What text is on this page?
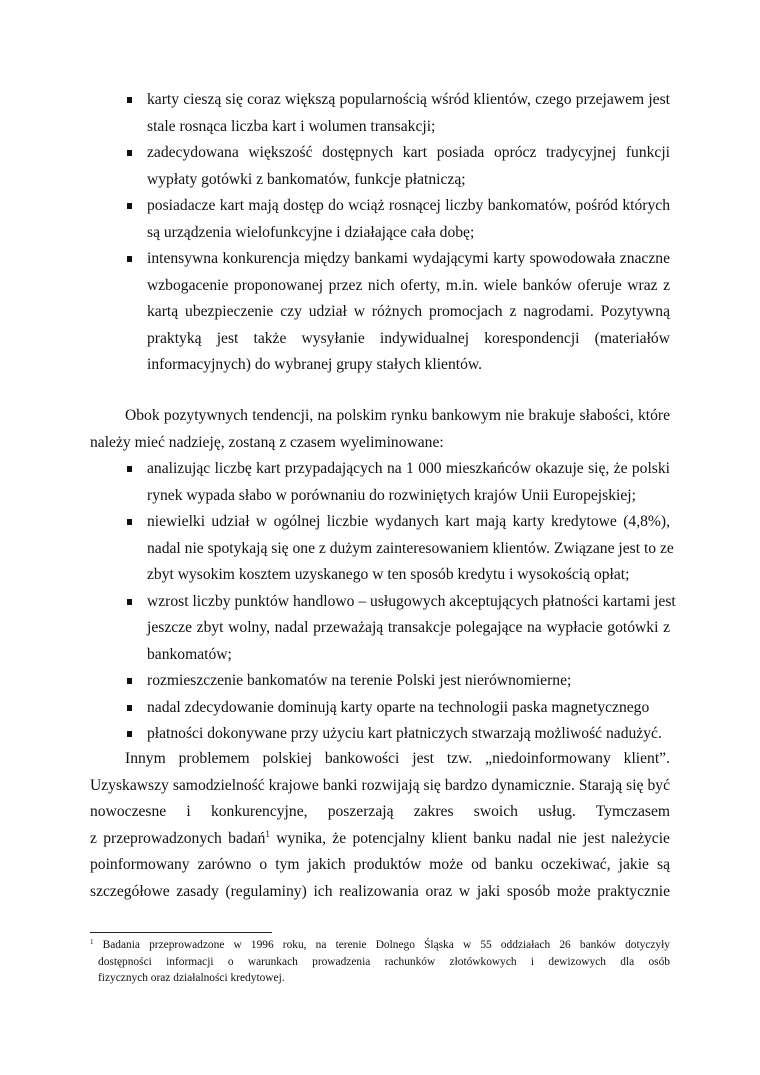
karty cieszą się coraz większą popularnością wśród klientów, czego przejawem jest
stale rosnąca liczba kart i wolumen transakcji;
zadecydowana większość dostępnych kart posiada oprócz tradycyjnej funkcji
wypłaty gotówki z bankomatów, funkcje płatniczą;
posiadacze kart mają dostęp do wciąż rosnącej liczby bankomatów, pośród których
są urządzenia wielofunkcyjne i działające cała dobę;
intensywna konkurencja między bankami wydającymi karty spowodowała znaczne
wzbogacenie proponowanej przez nich oferty, m.in. wiele banków oferuje wraz z
kartą ubezpieczenie czy udział w różnych promocjach z nagrodami. Pozytywną
praktyką jest także wysyłanie indywidualnej korespondencji (materiałów
informacyjnych) do wybranej grupy stałych klientów.
Obok pozytywnych tendencji, na polskim rynku bankowym nie brakuje słabości, które
należy mieć nadzieję, zostaną z czasem wyeliminowane:
analizując liczbę kart przypadających na 1 000 mieszkańców okazuje się, że polski
rynek wypada słabo w porównaniu do rozwiniętych krajów Unii Europejskiej;
niewielki udział w ogólnej liczbie wydanych kart mają karty kredytowe (4,8%),
nadal nie spotykają się one z dużym zainteresowaniem klientów. Związane jest to ze
zbyt wysokim kosztem uzyskanego w ten sposób kredytu i wysokością opłat;
wzrost liczby punktów handlowo – usługowych akceptujących płatności kartami jest
jeszcze zbyt wolny, nadal przeważają transakcje polegające na wypłacie gotówki z
bankomatów;
rozmieszczenie bankomatów na terenie Polski jest nierównomierne;
nadal zdecydowanie dominują karty oparte na technologii paska magnetycznego
płatności dokonywane przy użyciu kart płatniczych stwarzają możliwość nadużyć.
Innym problemem polskiej bankowości jest tzw. „niedoinformowany klient”.
Uzyskawszy samodzielność krajowe banki rozwijają się bardzo dynamicznie. Starają się być
nowoczesne i konkurencyjne, poszerzają zakres swoich usług. Tymczasem
z przeprowadzonych badań$^1$ wynika, że potencjalny klient banku nadal nie jest należycie
poinformowany zarówno o tym jakich produktów może od banku oczekiwać, jakie są
szczegółowe zasady (regulaminy) ich realizowania oraz w jaki sposób może praktycznie
$^1$ Badania przeprowadzone w 1996 roku, na terenie Dolnego Śląska w 55 oddziałach 26 banków dotyczyły
dostępności informacji o warunkach prowadzenia rachunków złotówkowych i dewizowych dla osób
fizycznych oraz działalności kredytowej.
